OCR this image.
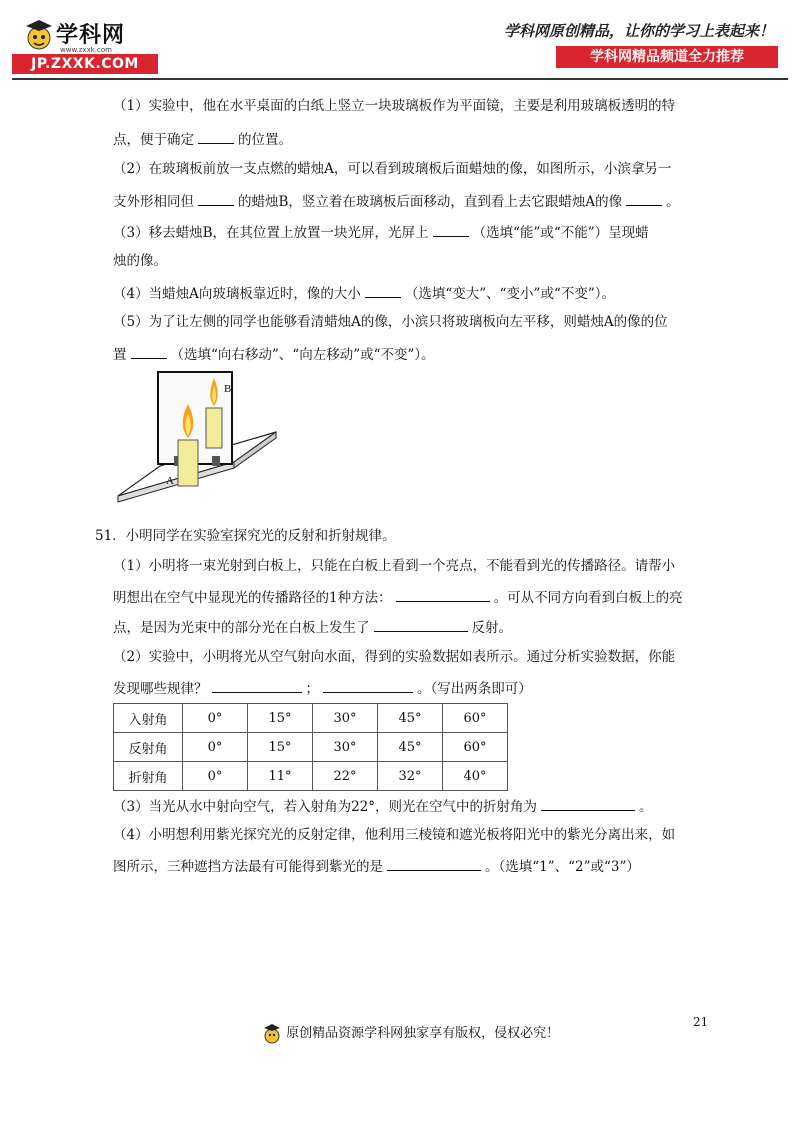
学科网
www.zxxk.com
JP.ZXXK.COM
学科网原创精品，让你的学习上表起来！
学科网精品频道全力推荐
（1）实验中，他在水平桌面的白纸上竖立一块玻璃板作为平面镜，主要是利用玻璃板透明的特
点，便于确定	的位置。
（2）在玻璃板前放一支点燃的蜡烛A，可以看到玻璃板后面蜡烛的像，如图所示，小滨拿另一
支外形相同但	的蜡烛B，竖立着在玻璃板后面移动，直到看上去它跟蜡烛A的像	。
（3）移去蜡烛B，在其位置上放置一块光屏，光屏上	（选填“能”或“不能”）呈现蜡
烛的像。
（4）当蜡烛A向玻璃板靠近时，像的大小	（选填“变大”、“变小”或“不变”）。
（5）为了让左侧的同学也能够看清蜡烛A的像，小滨只将玻璃板向左平移，则蜡烛A的像的位
置	（选填“向右移动”、“向左移动”或“不变”）。
B
A
51．小明同学在实验室探究光的反射和折射规律。
（1）小明将一束光射到白板上，只能在白板上看到一个亮点，不能看到光的传播路径。请帮小
明想出在空气中显现光的传播路径的1种方法：	。可从不同方向看到白板上的亮
点，是因为光束中的部分光在白板上发生了	反射。
（2）实验中，小明将光从空气射向水面，得到的实验数据如表所示。通过分析实验数据，你能
发现哪些规律？	；	。（写出两条即可）
入射角	0°	15°	30°	45°	60°
反射角	0°	15°	30°	45°	60°
折射角	0°	11°	22°	32°	40°
（3）当光从水中射向空气，若入射角为22°，则光在空气中的折射角为	。
（4）小明想利用紫光探究光的反射定律，他利用三棱镜和遮光板将阳光中的紫光分离出来，如
图所示，三种遮挡方法最有可能得到紫光的是	。（选填“1”、“2”或“3”）
21
原创精品资源学科网独家享有版权，侵权必究！
